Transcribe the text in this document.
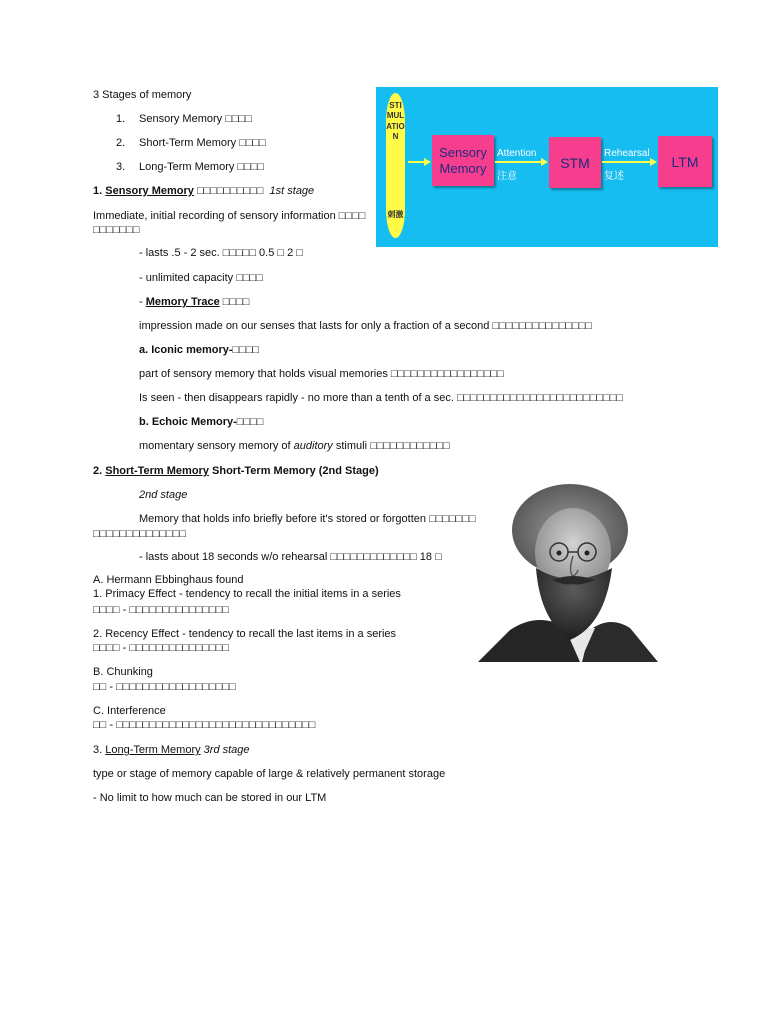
3 Stages of memory
1. Sensory Memory □□□□
2. Short-Term Memory □□□□
3. Long-Term Memory □□□□
1. Sensory Memory □□□□□□□□□□ 1st stage
Immediate, initial recording of sensory information □□□□
□□□□□□□
- lasts .5 - 2 sec. □□□□□ 0.5 □ 2 □
- unlimited capacity □□□□
- Memory Trace □□□□
impression made on our senses that lasts for only a fraction of a second □□□□□□□□□□□□□□□
a. Iconic memory-□□□□
part of sensory memory that holds visual memories □□□□□□□□□□□□□□□□□
Is seen - then disappears rapidly - no more than a tenth of a sec. □□□□□□□□□□□□□□□□□□□□□□□□□
b. Echoic Memory-□□□□
momentary sensory memory of auditory stimuli □□□□□□□□□□□□
2. Short-Term Memory Short-Term Memory (2nd Stage)
2nd stage
Memory that holds info briefly before it's stored or forgotten □□□□□□□
□□□□□□□□□□□□□□
- lasts about 18 seconds w/o rehearsal □□□□□□□□□□□□□ 18 □
A. Hermann Ebbinghaus found
1. Primacy Effect - tendency to recall the initial items in a series
□□□□ - □□□□□□□□□□□□□□□
2. Recency Effect - tendency to recall the last items in a series
□□□□ - □□□□□□□□□□□□□□□
B. Chunking
□□ - □□□□□□□□□□□□□□□□□□
C. Interference
□□ - □□□□□□□□□□□□□□□□□□□□□□□□□□□□□□
3. Long-Term Memory 3rd stage
type or stage of memory capable of large & relatively permanent storage
- No limit to how much can be stored in our LTM
STIMULATION
刺激
Sensory
Memory
Attention
注意
STM
Rehearsal
复述
LTM
